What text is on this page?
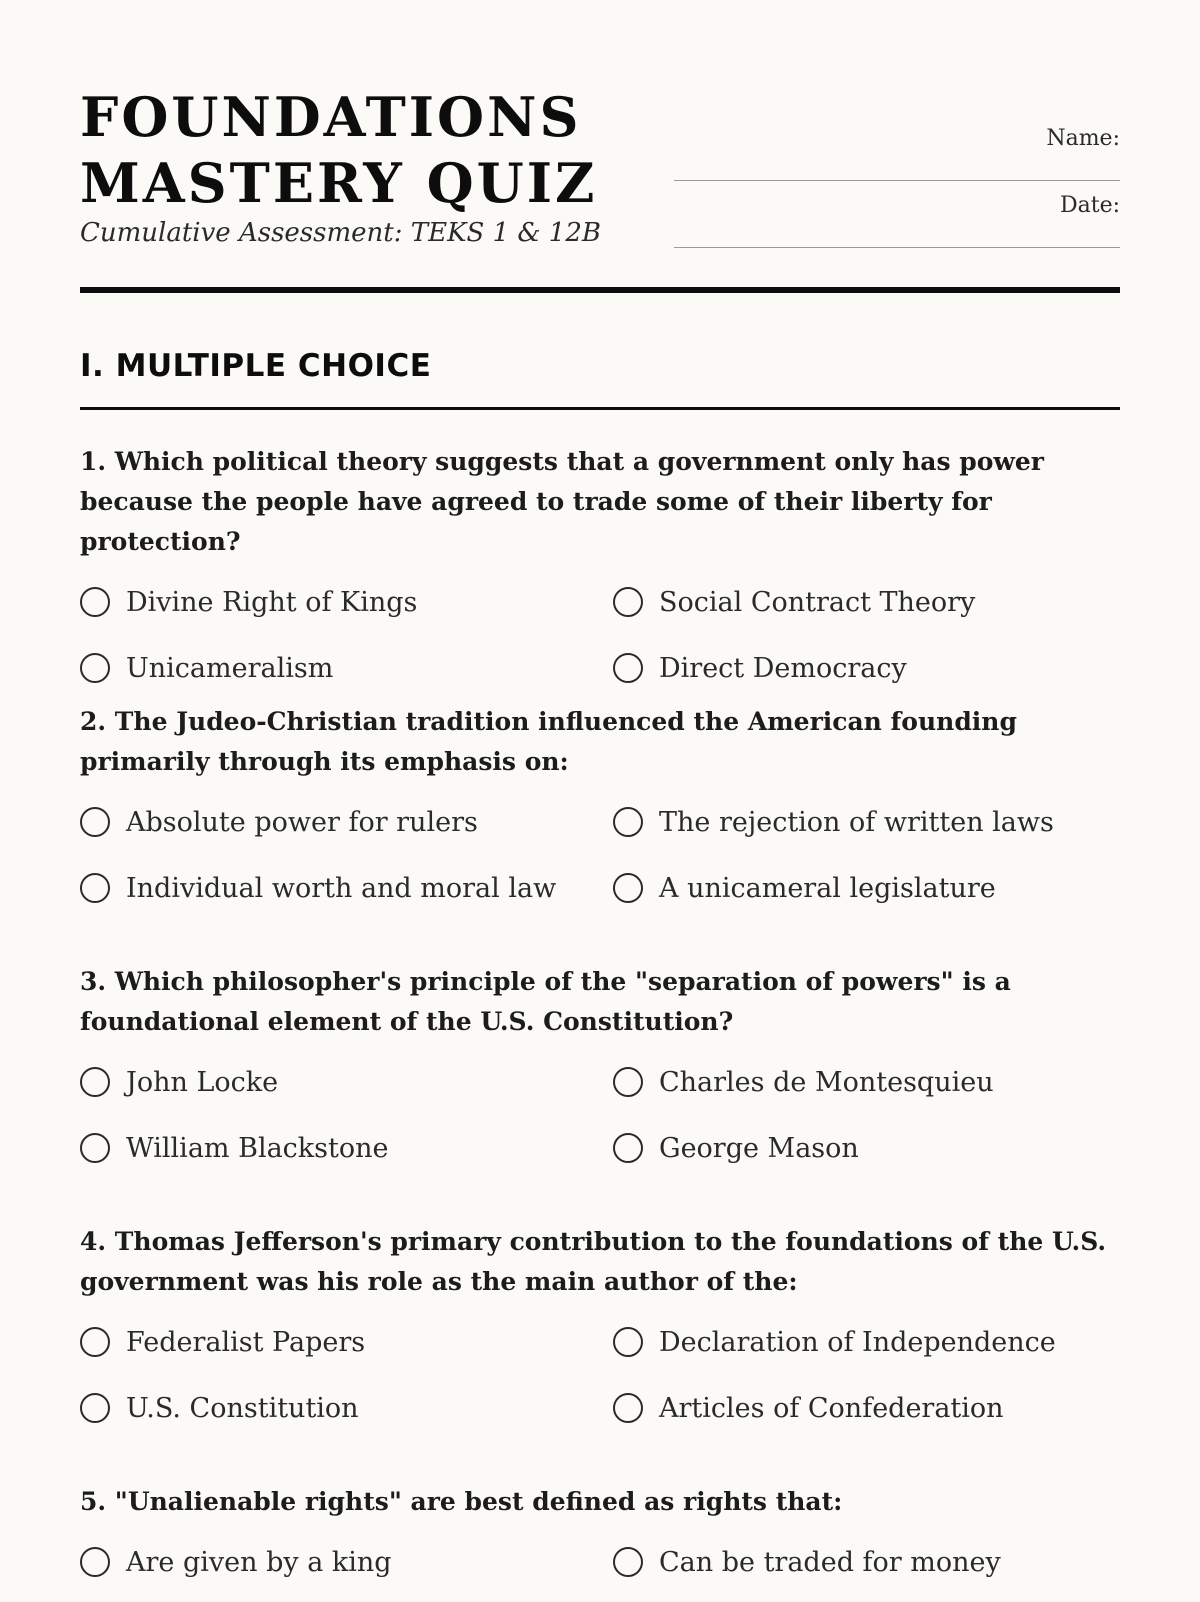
FOUNDATIONS
MASTERY QUIZ
Cumulative Assessment: TEKS 1 & 12B
Name:
Date:
I. MULTIPLE CHOICE

1. Which political theory suggests that a government only has power because the people have agreed to trade some of their liberty for protection?

Divine Right of Kings	Social Contract Theory
Unicameralism	Direct Democracy

2. The Judeo-Christian tradition influenced the American founding primarily through its emphasis on:

Absolute power for rulers	The rejection of written laws
Individual worth and moral law	A unicameral legislature

3. Which philosopher's principle of the "separation of powers" is a foundational element of the U.S. Constitution?

John Locke	Charles de Montesquieu
William Blackstone	George Mason

4. Thomas Jefferson's primary contribution to the foundations of the U.S. government was his role as the main author of the:

Federalist Papers	Declaration of Independence
U.S. Constitution	Articles of Confederation

5. "Unalienable rights" are best defined as rights that:

Are given by a king	Can be traded for money
